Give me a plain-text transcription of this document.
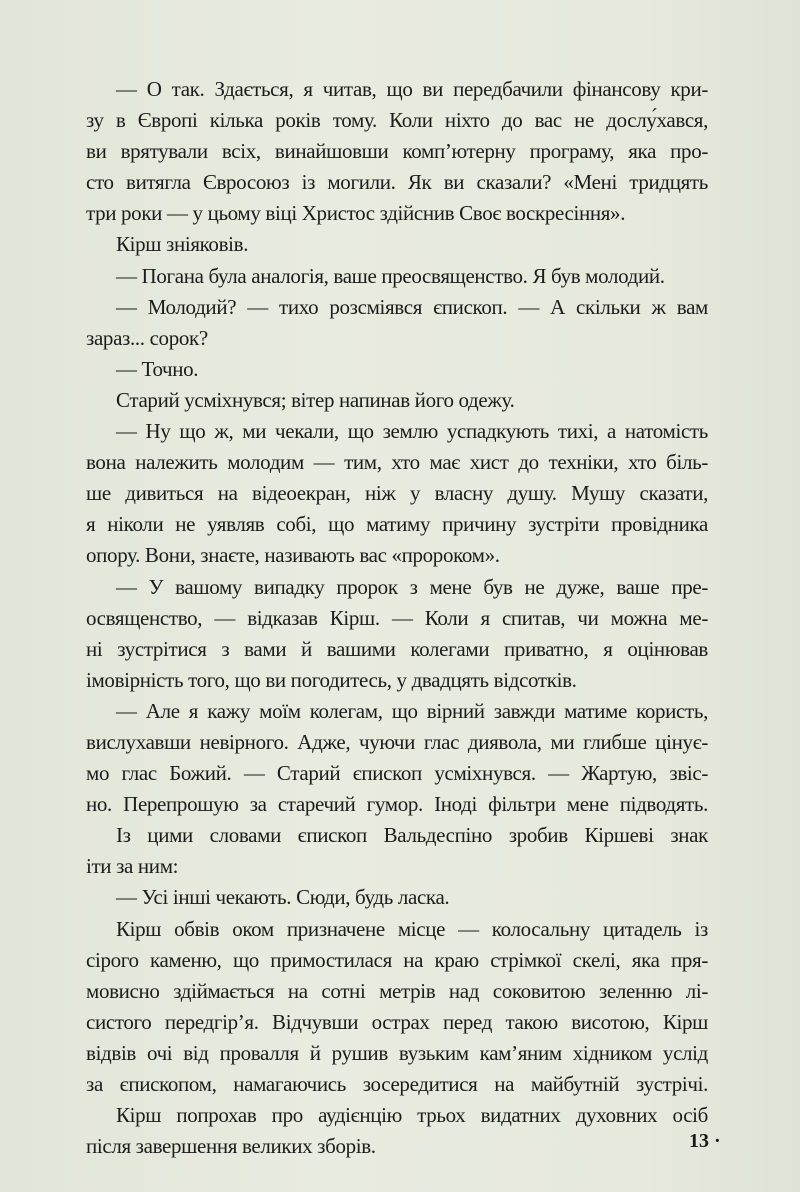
— О так. Здається, я читав, що ви передбачили фінансову кри-
зу в Європі кілька років тому. Коли ніхто до вас не дослу́хався,
ви врятували всіх, винайшовши комп’ютерну програму, яка про-
сто витягла Євросоюз із могили. Як ви сказали? «Мені тридцять
три роки — у цьому віці Христос здійснив Своє воскресіння».

Кірш зніяковів.

— Погана була аналогія, ваше преосвященство. Я був молодий.

— Молодий? — тихо розсміявся єпископ. — А скільки ж вам
зараз... сорок?

— Точно.

Старий усміхнувся; вітер напинав його одежу.

— Ну що ж, ми чекали, що землю успадкують тихі, а натомість
вона належить молодим — тим, хто має хист до техніки, хто біль-
ше дивиться на відеоекран, ніж у власну душу. Мушу сказати,
я ніколи не уявляв собі, що матиму причину зустріти провідника
опору. Вони, знаєте, називають вас «пророком».

— У вашому випадку пророк з мене був не дуже, ваше пре-
освященство, — відказав Кірш. — Коли я спитав, чи можна ме-
ні зустрітися з вами й вашими колегами приватно, я оцінював
імовірність того, що ви погодитесь, у двадцять відсотків.

— Але я кажу моїм колегам, що вірний завжди матиме користь,
вислухавши невірного. Адже, чуючи глас диявола, ми глибше цінує-
мо глас Божий. — Старий єпископ усміхнувся. — Жартую, звіс-
но. Перепрошую за старечий гумор. Іноді фільтри мене підводять.

Із цими словами єпископ Вальдеспіно зробив Кіршеві знак
іти за ним:

— Усі інші чекають. Сюди, будь ласка.

Кірш обвів оком призначене місце — колосальну цитадель із
сірого каменю, що примостилася на краю стрімкої скелі, яка пря-
мовисно здіймається на сотні метрів над соковитою зеленню лі-
систого передгір’я. Відчувши острах перед такою висотою, Кірш
відвів очі від провалля й рушив вузьким кам’яним хідником услід
за єпископом, намагаючись зосередитися на майбутній зустрічі.

Кірш попрохав про аудієнцію трьох видатних духовних осіб
після завершення великих зборів.	13 ·
